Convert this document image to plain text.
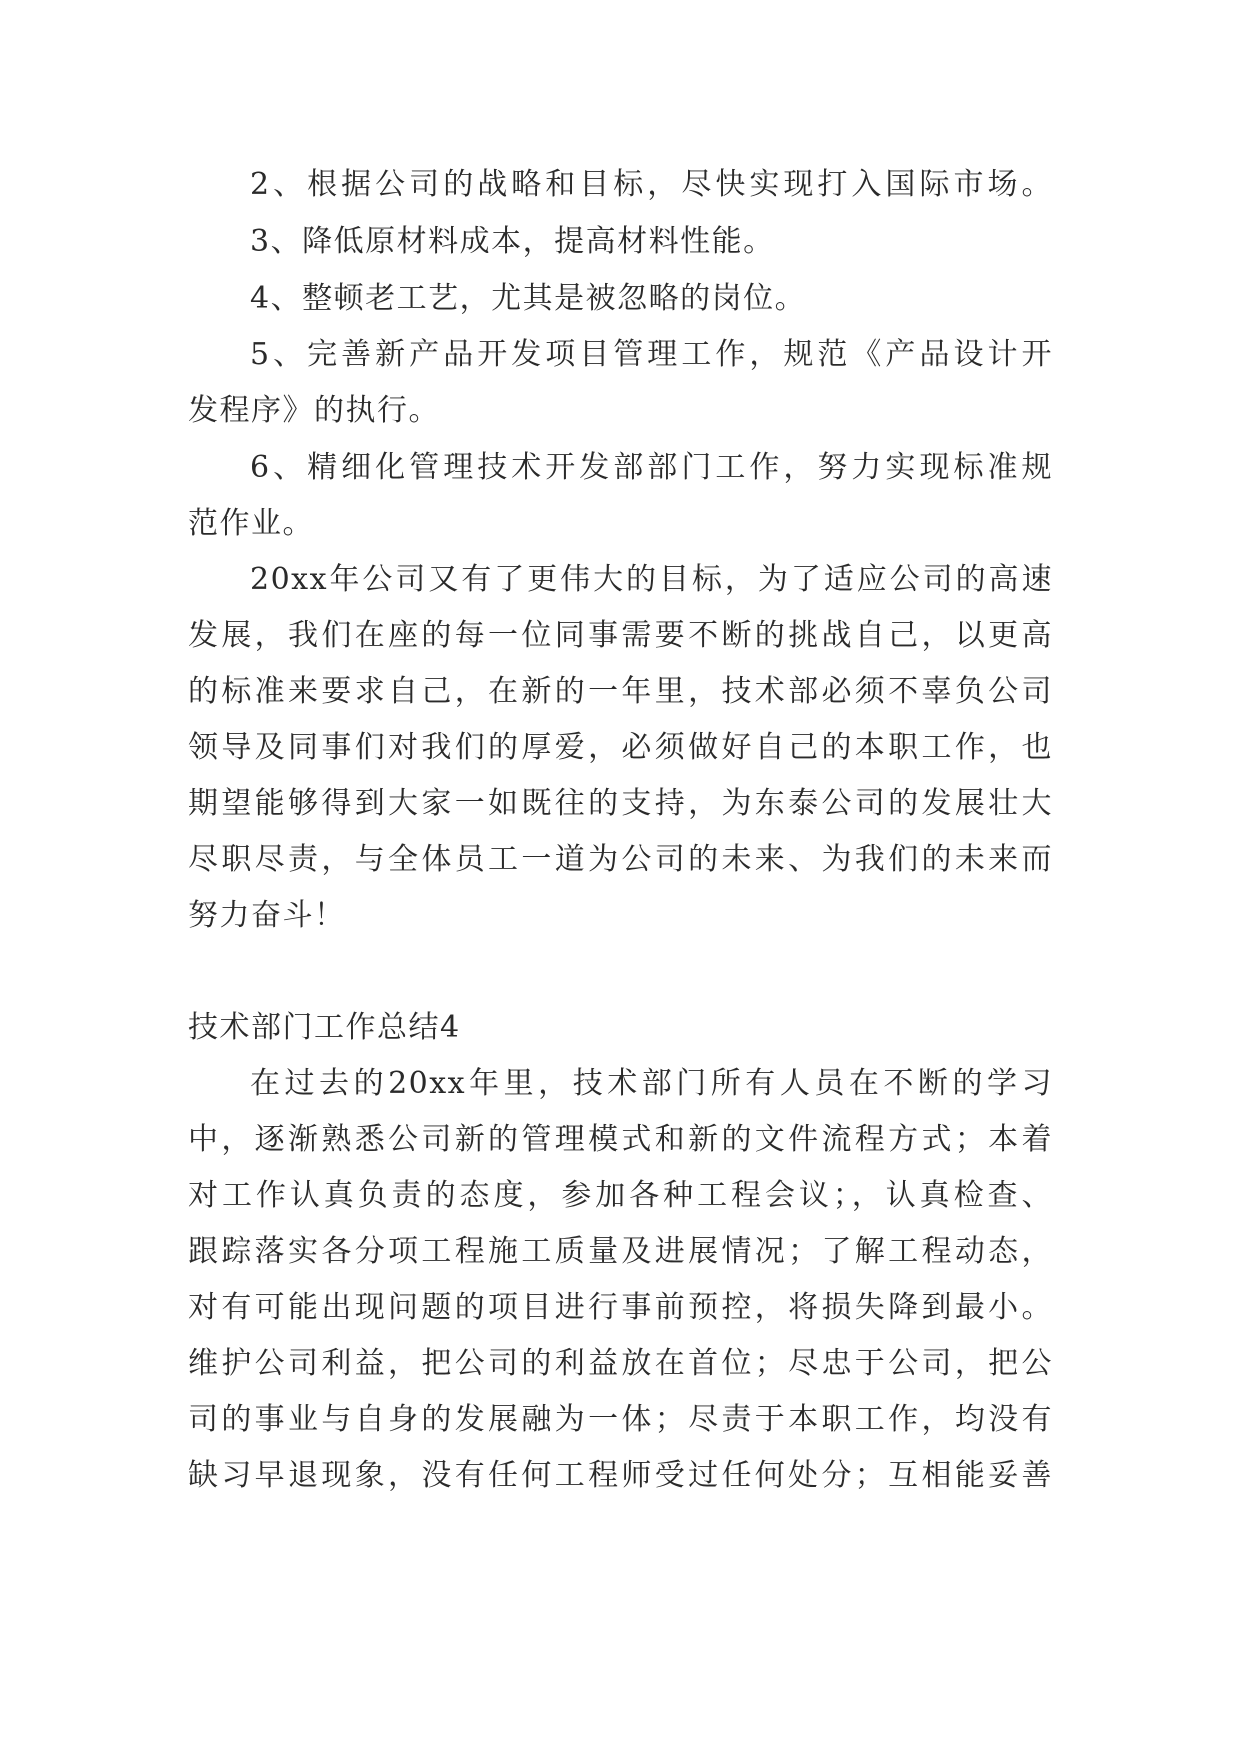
2、根据公司的战略和目标，尽快实现打入国际市场。

3、降低原材料成本，提高材料性能。

4、整顿老工艺，尤其是被忽略的岗位。

5、完善新产品开发项目管理工作，规范《产品设计开

发程序》的执行。

6、精细化管理技术开发部部门工作，努力实现标准规

范作业。

20xx年公司又有了更伟大的目标，为了适应公司的高速

发展，我们在座的每一位同事需要不断的挑战自己，以更高

的标准来要求自己，在新的一年里，技术部必须不辜负公司

领导及同事们对我们的厚爱，必须做好自己的本职工作，也

期望能够得到大家一如既往的支持，为东泰公司的发展壮大

尽职尽责，与全体员工一道为公司的未来、为我们的未来而

努力奋斗！

技术部门工作总结4

在过去的20xx年里，技术部门所有人员在不断的学习

中，逐渐熟悉公司新的管理模式和新的文件流程方式；本着

对工作认真负责的态度，参加各种工程会议；，认真检查、

跟踪落实各分项工程施工质量及进展情况；了解工程动态，

对有可能出现问题的项目进行事前预控，将损失降到最小。

维护公司利益，把公司的利益放在首位；尽忠于公司，把公

司的事业与自身的发展融为一体；尽责于本职工作，均没有

缺习早退现象，没有任何工程师受过任何处分；互相能妥善
